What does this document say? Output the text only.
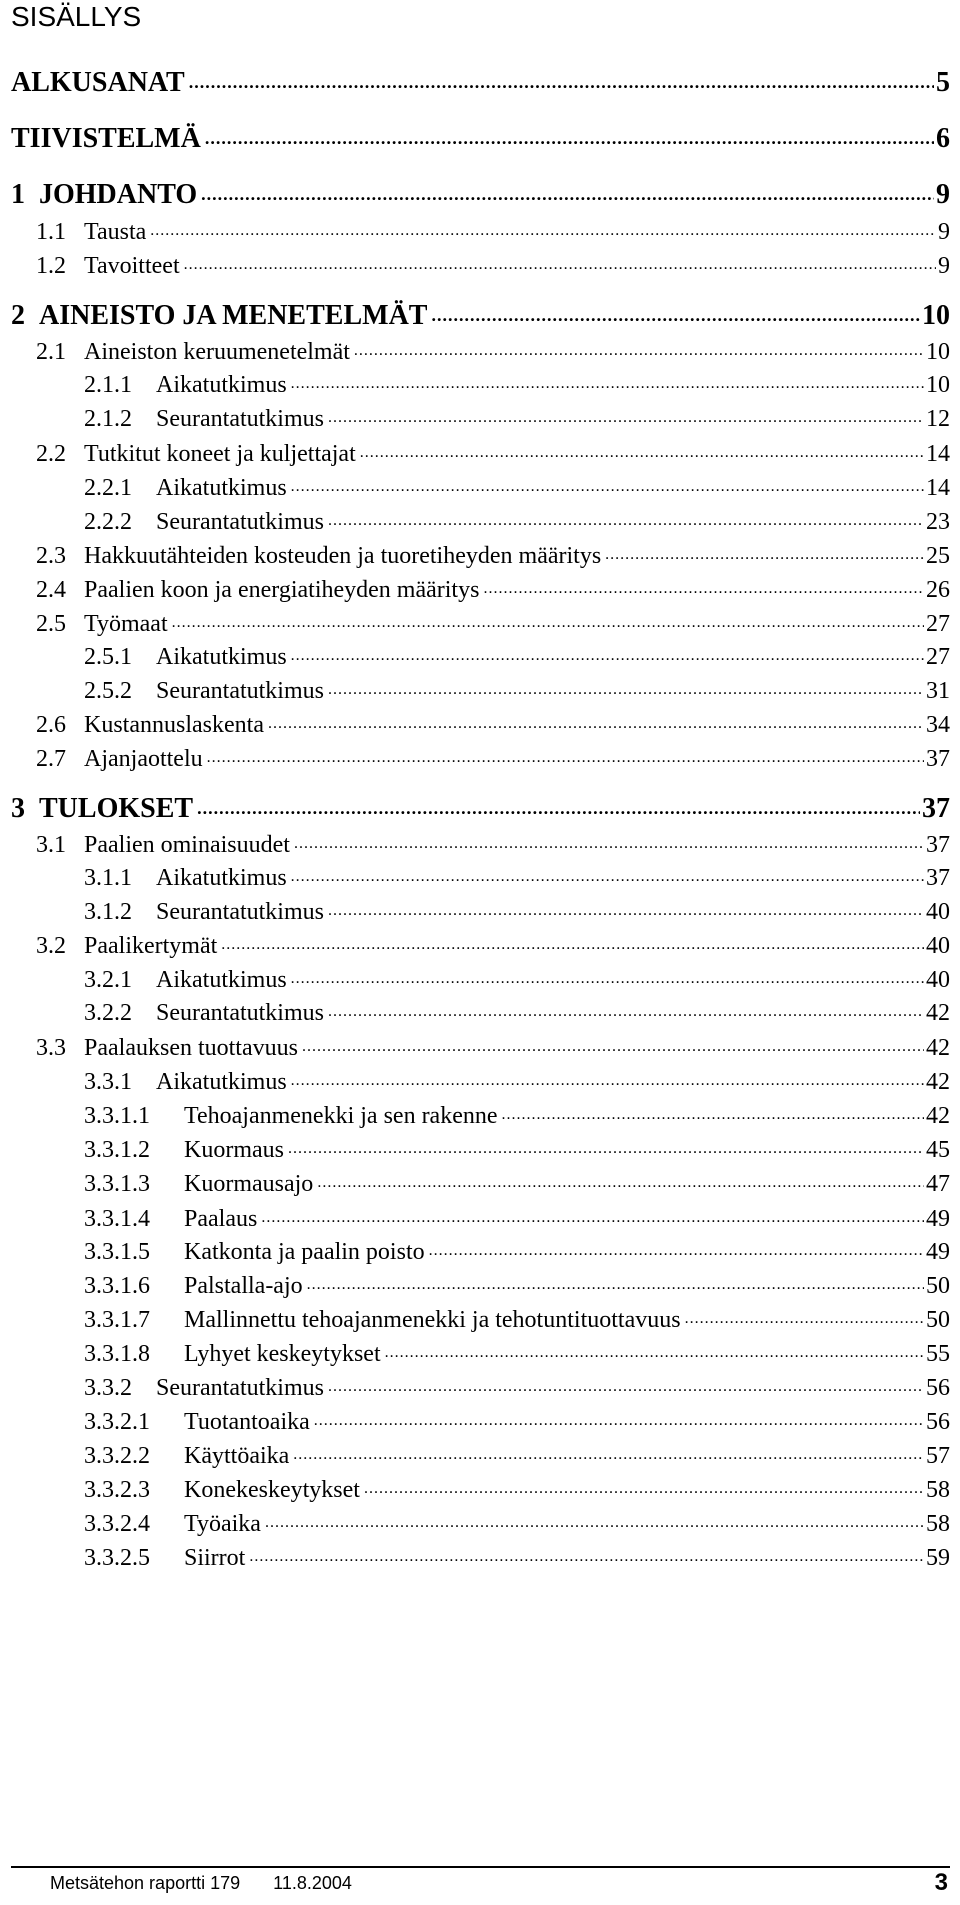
SISÄLLYS
ALKUSANAT .....	5
TIIVISTELMÄ .....	6
1 JOHDANTO .....	9
1.1 Tausta .....	9
1.2 Tavoitteet .....	9
2 AINEISTO JA MENETELMÄT .....	10
2.1 Aineiston keruumenetelmät .....	10
2.1.1	Aikatutkimus .....	10
2.1.2	Seurantatutkimus .....	12
2.2 Tutkitut koneet ja kuljettajat .....	14
2.2.1	Aikatutkimus .....	14
2.2.2	Seurantatutkimus .....	23
2.3 Hakkuutähteiden kosteuden ja tuoretiheyden määritys .....	25
2.4 Paalien koon ja energiatiheyden määritys .....	26
2.5 Työmaat .....	27
2.5.1	Aikatutkimus .....	27
2.5.2	Seurantatutkimus .....	31
2.6 Kustannuslaskenta .....	34
2.7 Ajanjaottelu .....	37
3 TULOKSET .....	37
3.1 Paalien ominaisuudet .....	37
3.1.1	Aikatutkimus .....	37
3.1.2	Seurantatutkimus .....	40
3.2 Paalikertymät .....	40
3.2.1	Aikatutkimus .....	40
3.2.2	Seurantatutkimus .....	42
3.3 Paalauksen tuottavuus .....	42
3.3.1	Aikatutkimus .....	42
3.3.1.1	Tehoajanmenekki ja sen rakenne .....	42
3.3.1.2	Kuormaus .....	45
3.3.1.3	Kuormausajo .....	47
3.3.1.4	Paalaus .....	49
3.3.1.5	Katkonta ja paalin poisto .....	49
3.3.1.6	Palstalla-ajo .....	50
3.3.1.7	Mallinnettu tehoajanmenekki ja tehotuntituottavuus .....	50
3.3.1.8	Lyhyet keskeytykset .....	55
3.3.2	Seurantatutkimus .....	56
3.3.2.1	Tuotantoaika .....	56
3.3.2.2	Käyttöaika .....	57
3.3.2.3	Konekeskeytykset .....	58
3.3.2.4	Työaika .....	58
3.3.2.5	Siirrot .....	59
Metsätehon raportti 179 11.8.2004	3
